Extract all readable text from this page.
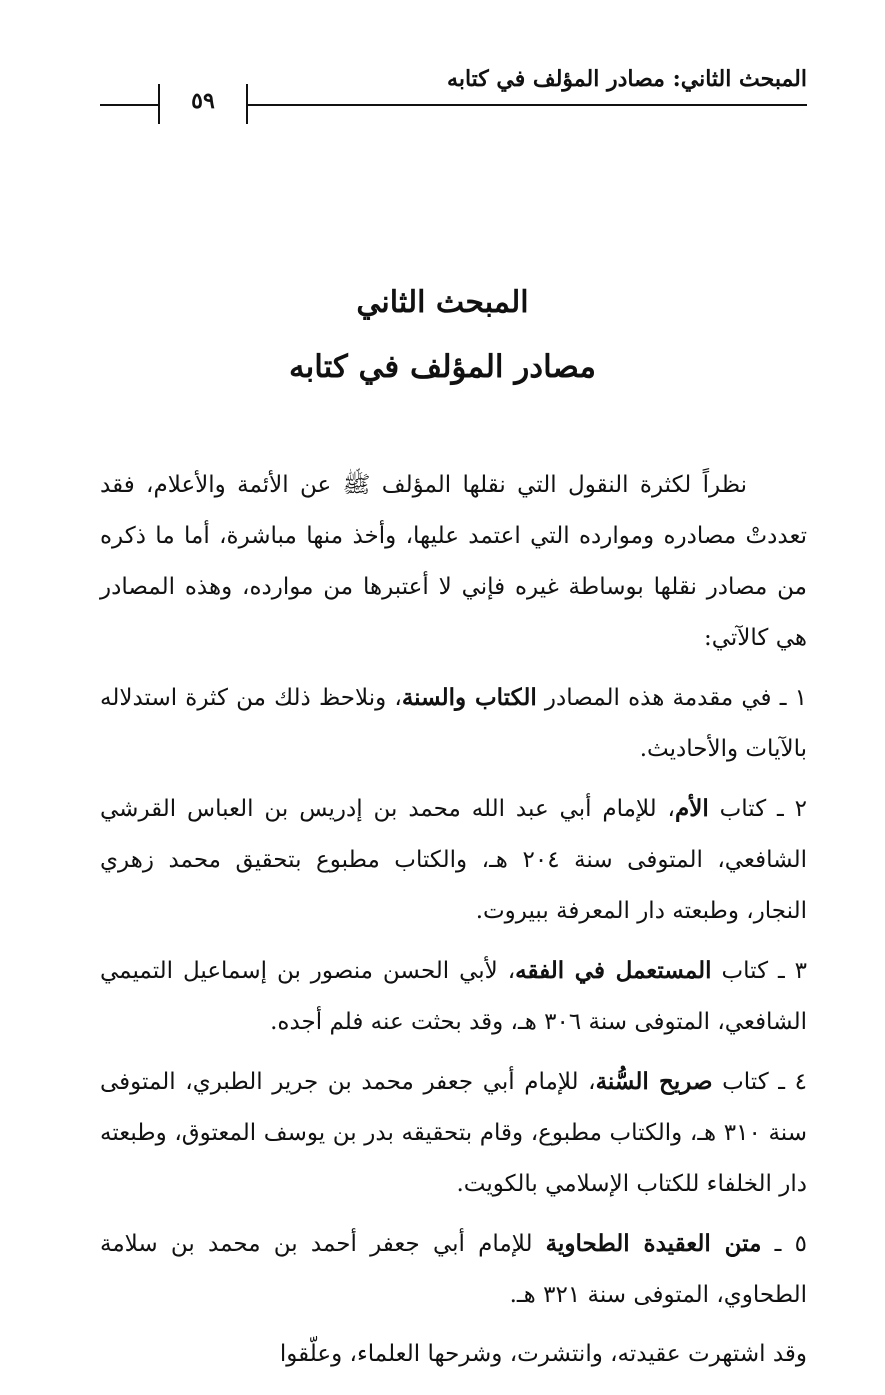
المبحث الثاني: مصادر المؤلف في كتابه
٥٩
المبحث الثاني
مصادر المؤلف في كتابه

نظراً لكثرة النقول التي نقلها المؤلف ﷺ عن الأئمة والأعلام، فقد تعددتْ مصادره وموارده التي اعتمد عليها، وأخذ منها مباشرة، أما ما ذكره من مصادر نقلها بوساطة غيره فإني لا أعتبرها من موارده، وهذه المصادر هي كالآتي:

١ ـ في مقدمة هذه المصادر الكتاب والسنة، ونلاحظ ذلك من كثرة استدلاله بالآيات والأحاديث.

٢ ـ كتاب الأم، للإمام أبي عبد الله محمد بن إدريس بن العباس القرشي الشافعي، المتوفى سنة ٢٠٤ هـ، والكتاب مطبوع بتحقيق محمد زهري النجار، وطبعته دار المعرفة ببيروت.

٣ ـ كتاب المستعمل في الفقه، لأبي الحسن منصور بن إسماعيل التميمي الشافعي، المتوفى سنة ٣٠٦ هـ، وقد بحثت عنه فلم أجده.

٤ ـ كتاب صريح السُّنة، للإمام أبي جعفر محمد بن جرير الطبري، المتوفى سنة ٣١٠ هـ، والكتاب مطبوع، وقام بتحقيقه بدر بن يوسف المعتوق، وطبعته دار الخلفاء للكتاب الإسلامي بالكويت.

٥ ـ متن العقيدة الطحاوية للإمام أبي جعفر أحمد بن محمد بن سلامة الطحاوي، المتوفى سنة ٣٢١ هـ.

وقد اشتهرت عقيدته، وانتشرت، وشرحها العلماء، وعلّقوا
